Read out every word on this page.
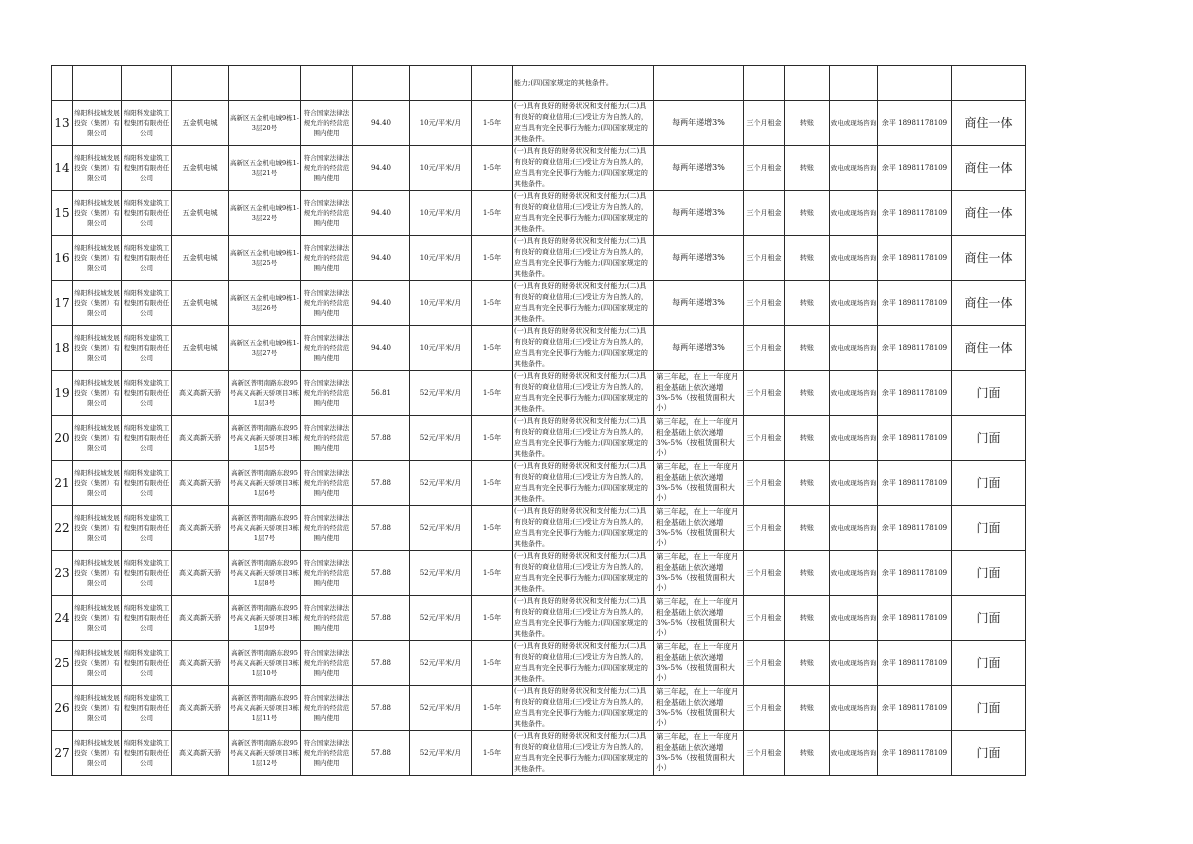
									能力;(四)国家规定的其他条件。						
13	绵阳科技城发展投资（集团）有限公司	绵阳科发建筑工程集团有限责任公司	五金机电城	高新区五金机电城9栋1-3层20号	符合国家法律法规允许的经营范围内使用	94.40	10元/平米/月	1-5年	(一)具有良好的财务状况和支付能力;(二)具有良好的商业信用;(三)受让方为自然人的，应当具有完全民事行为能力;(四)国家规定的其他条件。	每两年递增3%	三个月租金	转账	致电或现场咨询	余平 18981178109	商住一体
14	绵阳科技城发展投资（集团）有限公司	绵阳科发建筑工程集团有限责任公司	五金机电城	高新区五金机电城9栋1-3层21号	符合国家法律法规允许的经营范围内使用	94.40	10元/平米/月	1-5年	(一)具有良好的财务状况和支付能力;(二)具有良好的商业信用;(三)受让方为自然人的，应当具有完全民事行为能力;(四)国家规定的其他条件。	每两年递增3%	三个月租金	转账	致电或现场咨询	余平 18981178109	商住一体
15	绵阳科技城发展投资（集团）有限公司	绵阳科发建筑工程集团有限责任公司	五金机电城	高新区五金机电城9栋1-3层22号	符合国家法律法规允许的经营范围内使用	94.40	10元/平米/月	1-5年	(一)具有良好的财务状况和支付能力;(二)具有良好的商业信用;(三)受让方为自然人的，应当具有完全民事行为能力;(四)国家规定的其他条件。	每两年递增3%	三个月租金	转账	致电或现场咨询	余平 18981178109	商住一体
16	绵阳科技城发展投资（集团）有限公司	绵阳科发建筑工程集团有限责任公司	五金机电城	高新区五金机电城9栋1-3层25号	符合国家法律法规允许的经营范围内使用	94.40	10元/平米/月	1-5年	(一)具有良好的财务状况和支付能力;(二)具有良好的商业信用;(三)受让方为自然人的，应当具有完全民事行为能力;(四)国家规定的其他条件。	每两年递增3%	三个月租金	转账	致电或现场咨询	余平 18981178109	商住一体
17	绵阳科技城发展投资（集团）有限公司	绵阳科发建筑工程集团有限责任公司	五金机电城	高新区五金机电城9栋1-3层26号	符合国家法律法规允许的经营范围内使用	94.40	10元/平米/月	1-5年	(一)具有良好的财务状况和支付能力;(二)具有良好的商业信用;(三)受让方为自然人的，应当具有完全民事行为能力;(四)国家规定的其他条件。	每两年递增3%	三个月租金	转账	致电或现场咨询	余平 18981178109	商住一体
18	绵阳科技城发展投资（集团）有限公司	绵阳科发建筑工程集团有限责任公司	五金机电城	高新区五金机电城9栋1-3层27号	符合国家法律法规允许的经营范围内使用	94.40	10元/平米/月	1-5年	(一)具有良好的财务状况和支付能力;(二)具有良好的商业信用;(三)受让方为自然人的，应当具有完全民事行为能力;(四)国家规定的其他条件。	每两年递增3%	三个月租金	转账	致电或现场咨询	余平 18981178109	商住一体
19	绵阳科技城发展投资（集团）有限公司	绵阳科发建筑工程集团有限责任公司	高义高新天骄	高新区普明南路东段95号高义高新天骄项目3栋1层3号	符合国家法律法规允许的经营范围内使用	56.81	52元/平米/月	1-5年	(一)具有良好的财务状况和支付能力;(二)具有良好的商业信用;(三)受让方为自然人的，应当具有完全民事行为能力;(四)国家规定的其他条件。	第三年起，在上一年度月租金基础上依次递增3%-5%（按租赁面积大小）	三个月租金	转账	致电或现场咨询	余平 18981178109	门面
20	绵阳科技城发展投资（集团）有限公司	绵阳科发建筑工程集团有限责任公司	高义高新天骄	高新区普明南路东段95号高义高新天骄项目3栋1层5号	符合国家法律法规允许的经营范围内使用	57.88	52元/平米/月	1-5年	(一)具有良好的财务状况和支付能力;(二)具有良好的商业信用;(三)受让方为自然人的，应当具有完全民事行为能力;(四)国家规定的其他条件。	第三年起，在上一年度月租金基础上依次递增3%-5%（按租赁面积大小）	三个月租金	转账	致电或现场咨询	余平 18981178109	门面
21	绵阳科技城发展投资（集团）有限公司	绵阳科发建筑工程集团有限责任公司	高义高新天骄	高新区普明南路东段95号高义高新天骄项目3栋1层6号	符合国家法律法规允许的经营范围内使用	57.88	52元/平米/月	1-5年	(一)具有良好的财务状况和支付能力;(二)具有良好的商业信用;(三)受让方为自然人的，应当具有完全民事行为能力;(四)国家规定的其他条件。	第三年起，在上一年度月租金基础上依次递增3%-5%（按租赁面积大小）	三个月租金	转账	致电或现场咨询	余平 18981178109	门面
22	绵阳科技城发展投资（集团）有限公司	绵阳科发建筑工程集团有限责任公司	高义高新天骄	高新区普明南路东段95号高义高新天骄项目3栋1层7号	符合国家法律法规允许的经营范围内使用	57.88	52元/平米/月	1-5年	(一)具有良好的财务状况和支付能力;(二)具有良好的商业信用;(三)受让方为自然人的，应当具有完全民事行为能力;(四)国家规定的其他条件。	第三年起，在上一年度月租金基础上依次递增3%-5%（按租赁面积大小）	三个月租金	转账	致电或现场咨询	余平 18981178109	门面
23	绵阳科技城发展投资（集团）有限公司	绵阳科发建筑工程集团有限责任公司	高义高新天骄	高新区普明南路东段95号高义高新天骄项目3栋1层8号	符合国家法律法规允许的经营范围内使用	57.88	52元/平米/月	1-5年	(一)具有良好的财务状况和支付能力;(二)具有良好的商业信用;(三)受让方为自然人的，应当具有完全民事行为能力;(四)国家规定的其他条件。	第三年起，在上一年度月租金基础上依次递增3%-5%（按租赁面积大小）	三个月租金	转账	致电或现场咨询	余平 18981178109	门面
24	绵阳科技城发展投资（集团）有限公司	绵阳科发建筑工程集团有限责任公司	高义高新天骄	高新区普明南路东段95号高义高新天骄项目3栋1层9号	符合国家法律法规允许的经营范围内使用	57.88	52元/平米/月	1-5年	(一)具有良好的财务状况和支付能力;(二)具有良好的商业信用;(三)受让方为自然人的，应当具有完全民事行为能力;(四)国家规定的其他条件。	第三年起，在上一年度月租金基础上依次递增3%-5%（按租赁面积大小）	三个月租金	转账	致电或现场咨询	余平 18981178109	门面
25	绵阳科技城发展投资（集团）有限公司	绵阳科发建筑工程集团有限责任公司	高义高新天骄	高新区普明南路东段95号高义高新天骄项目3栋1层10号	符合国家法律法规允许的经营范围内使用	57.88	52元/平米/月	1-5年	(一)具有良好的财务状况和支付能力;(二)具有良好的商业信用;(三)受让方为自然人的，应当具有完全民事行为能力;(四)国家规定的其他条件。	第三年起，在上一年度月租金基础上依次递增3%-5%（按租赁面积大小）	三个月租金	转账	致电或现场咨询	余平 18981178109	门面
26	绵阳科技城发展投资（集团）有限公司	绵阳科发建筑工程集团有限责任公司	高义高新天骄	高新区普明南路东段95号高义高新天骄项目3栋1层11号	符合国家法律法规允许的经营范围内使用	57.88	52元/平米/月	1-5年	(一)具有良好的财务状况和支付能力;(二)具有良好的商业信用;(三)受让方为自然人的，应当具有完全民事行为能力;(四)国家规定的其他条件。	第三年起，在上一年度月租金基础上依次递增3%-5%（按租赁面积大小）	三个月租金	转账	致电或现场咨询	余平 18981178109	门面
27	绵阳科技城发展投资（集团）有限公司	绵阳科发建筑工程集团有限责任公司	高义高新天骄	高新区普明南路东段95号高义高新天骄项目3栋1层12号	符合国家法律法规允许的经营范围内使用	57.88	52元/平米/月	1-5年	(一)具有良好的财务状况和支付能力;(二)具有良好的商业信用;(三)受让方为自然人的，应当具有完全民事行为能力;(四)国家规定的其他条件。	第三年起，在上一年度月租金基础上依次递增3%-5%（按租赁面积大小）	三个月租金	转账	致电或现场咨询	余平 18981178109	门面
